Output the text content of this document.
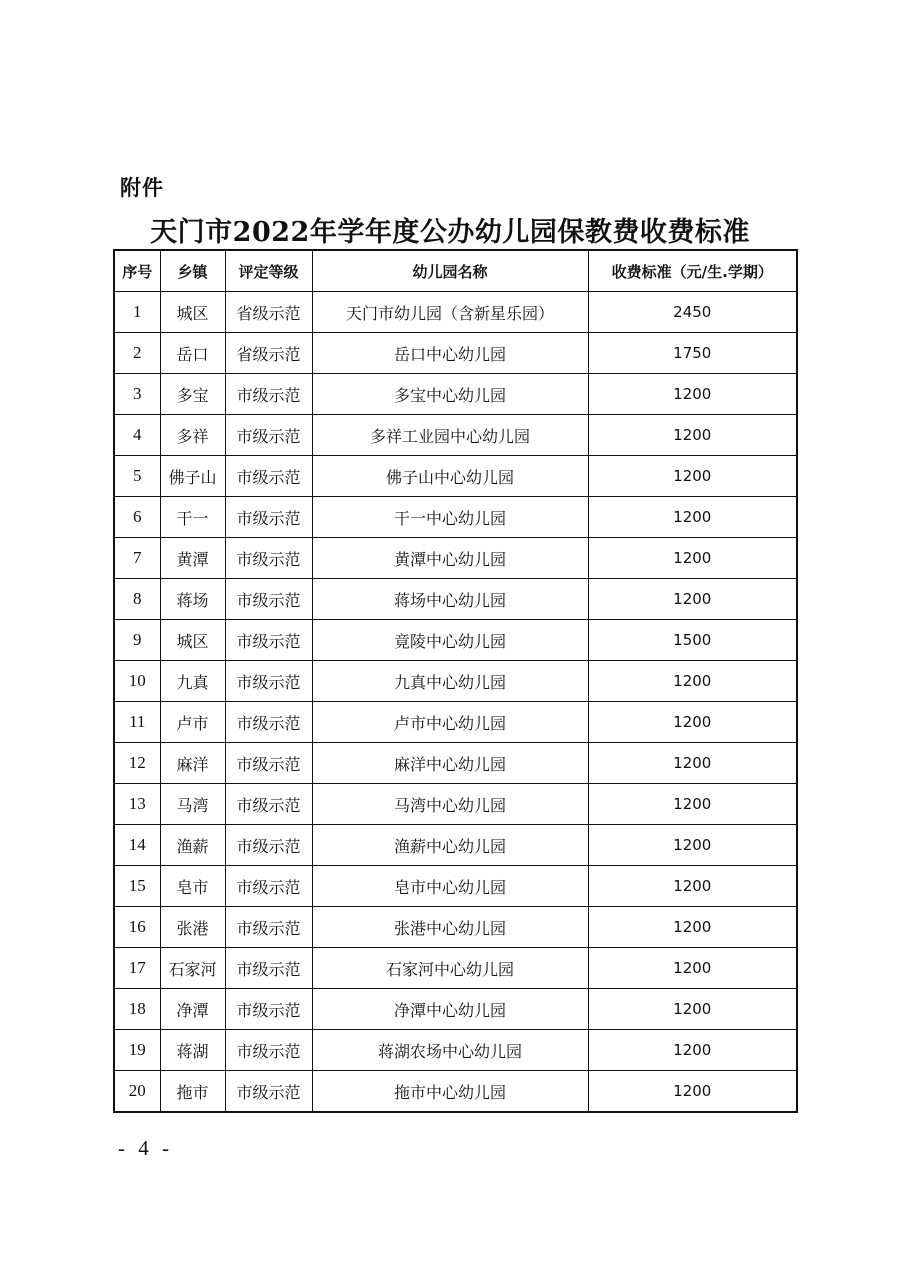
附件
天门市2022年学年度公办幼儿园保教费收费标准
序号	乡镇	评定等级	幼儿园名称	收费标准（元/生.学期）
1	城区	省级示范	天门市幼儿园（含新星乐园）	2450
2	岳口	省级示范	岳口中心幼儿园	1750
3	多宝	市级示范	多宝中心幼儿园	1200
4	多祥	市级示范	多祥工业园中心幼儿园	1200
5	佛子山	市级示范	佛子山中心幼儿园	1200
6	干一	市级示范	干一中心幼儿园	1200
7	黄潭	市级示范	黄潭中心幼儿园	1200
8	蒋场	市级示范	蒋场中心幼儿园	1200
9	城区	市级示范	竟陵中心幼儿园	1500
10	九真	市级示范	九真中心幼儿园	1200
11	卢市	市级示范	卢市中心幼儿园	1200
12	麻洋	市级示范	麻洋中心幼儿园	1200
13	马湾	市级示范	马湾中心幼儿园	1200
14	渔薪	市级示范	渔薪中心幼儿园	1200
15	皂市	市级示范	皂市中心幼儿园	1200
16	张港	市级示范	张港中心幼儿园	1200
17	石家河	市级示范	石家河中心幼儿园	1200
18	净潭	市级示范	净潭中心幼儿园	1200
19	蒋湖	市级示范	蒋湖农场中心幼儿园	1200
20	拖市	市级示范	拖市中心幼儿园	1200
- 4 -
